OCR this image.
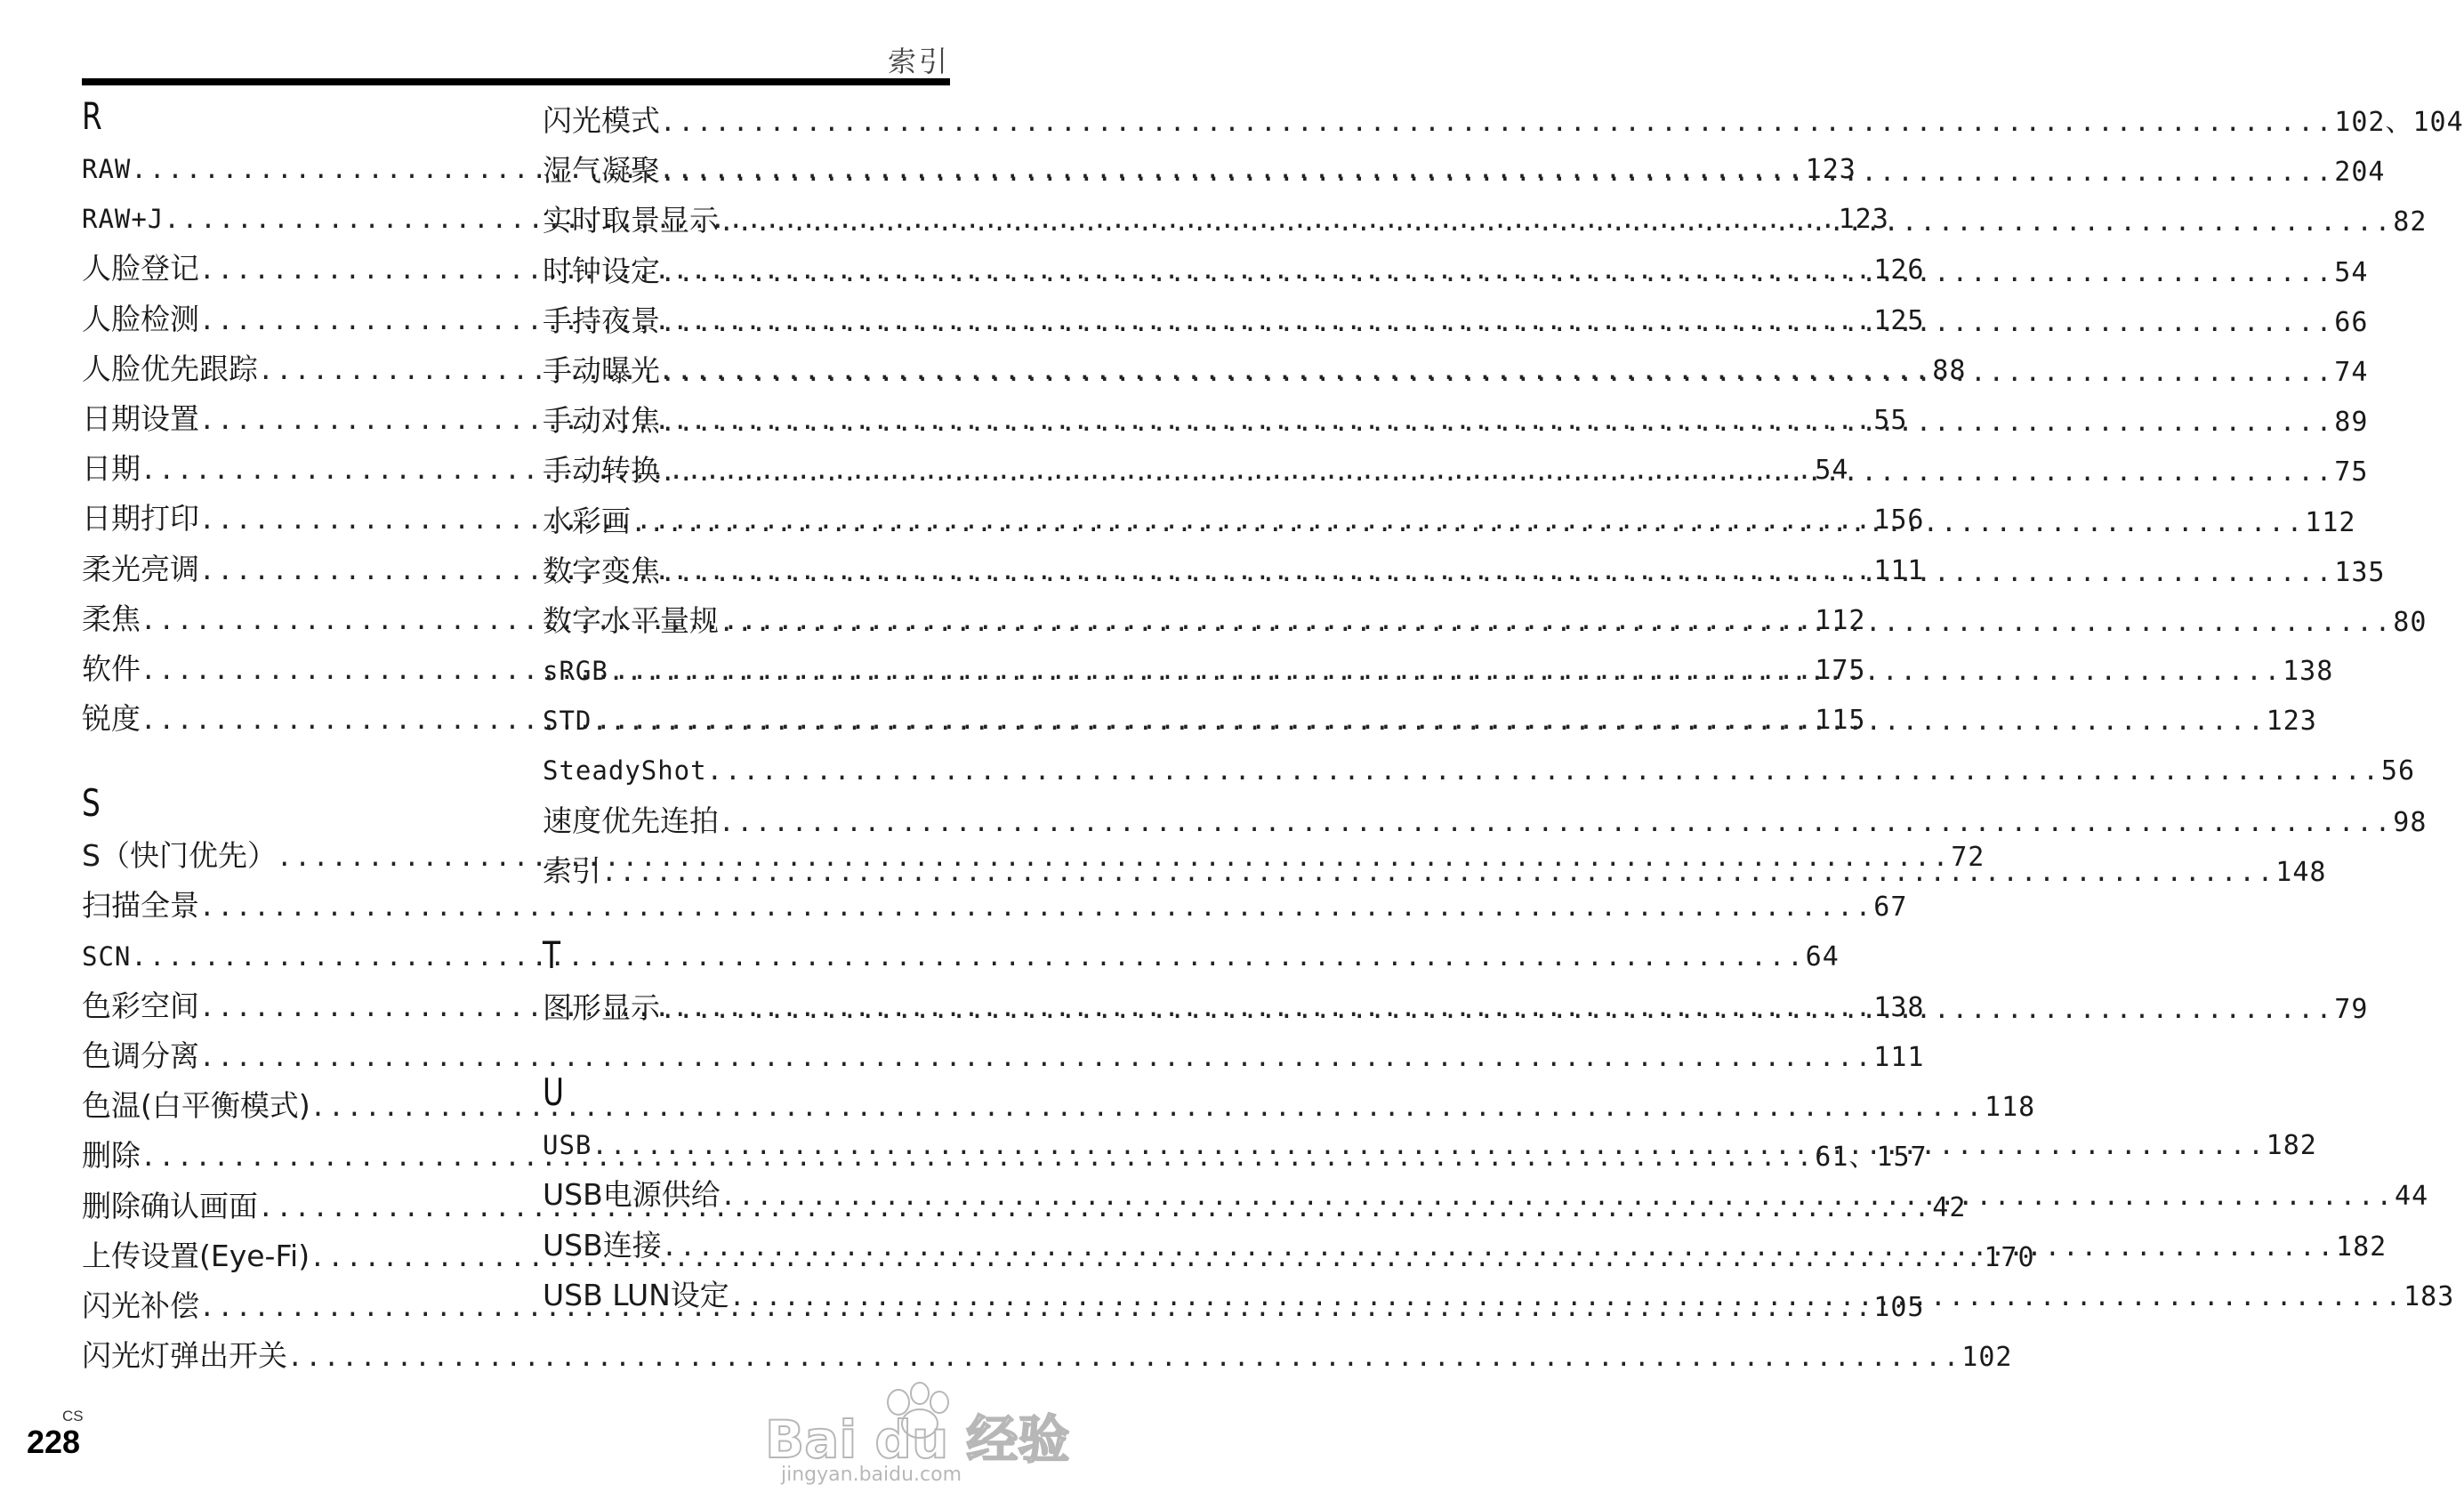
索引
R
RAW .....	123
RAW+J .....	123
人脸登记 .....	126
人脸检测 .....	125
人脸优先跟踪 .....	88
日期设置 .....	55
日期 .....	54
日期打印 .....	156
柔光亮调 .....	111
柔焦 .....	112
软件 .....	175
锐度 .....	115
S
S（快门优先） .....	72
扫描全景 .....	67
SCN .....	64
色彩空间 .....	138
色调分离 .....	111
色温(白平衡模式) .....	118
删除 .....	61、157
删除确认画面 .....	42
上传设置(Eye-Fi) .....	170
闪光补偿 .....	105
闪光灯弹出开关 .....	102
闪光模式 .....	102、104
湿气凝聚 .....	204
实时取景显示 .....	82
时钟设定 .....	54
手持夜景 .....	66
手动曝光 .....	74
手动对焦 .....	89
手动转换 .....	75
水彩画 .....	112
数字变焦 .....	135
数字水平量规 .....	80
sRGB .....	138
STD .....	123
SteadyShot .....	56
速度优先连拍 .....	98
索引 .....	148
T
图形显示 .....	79
U
USB .....	182
USB电源供给 .....	44
USB连接 .....	182
USB LUN设定 .....	183
CS
228	Bai du 经验
jingyan.baidu.com
